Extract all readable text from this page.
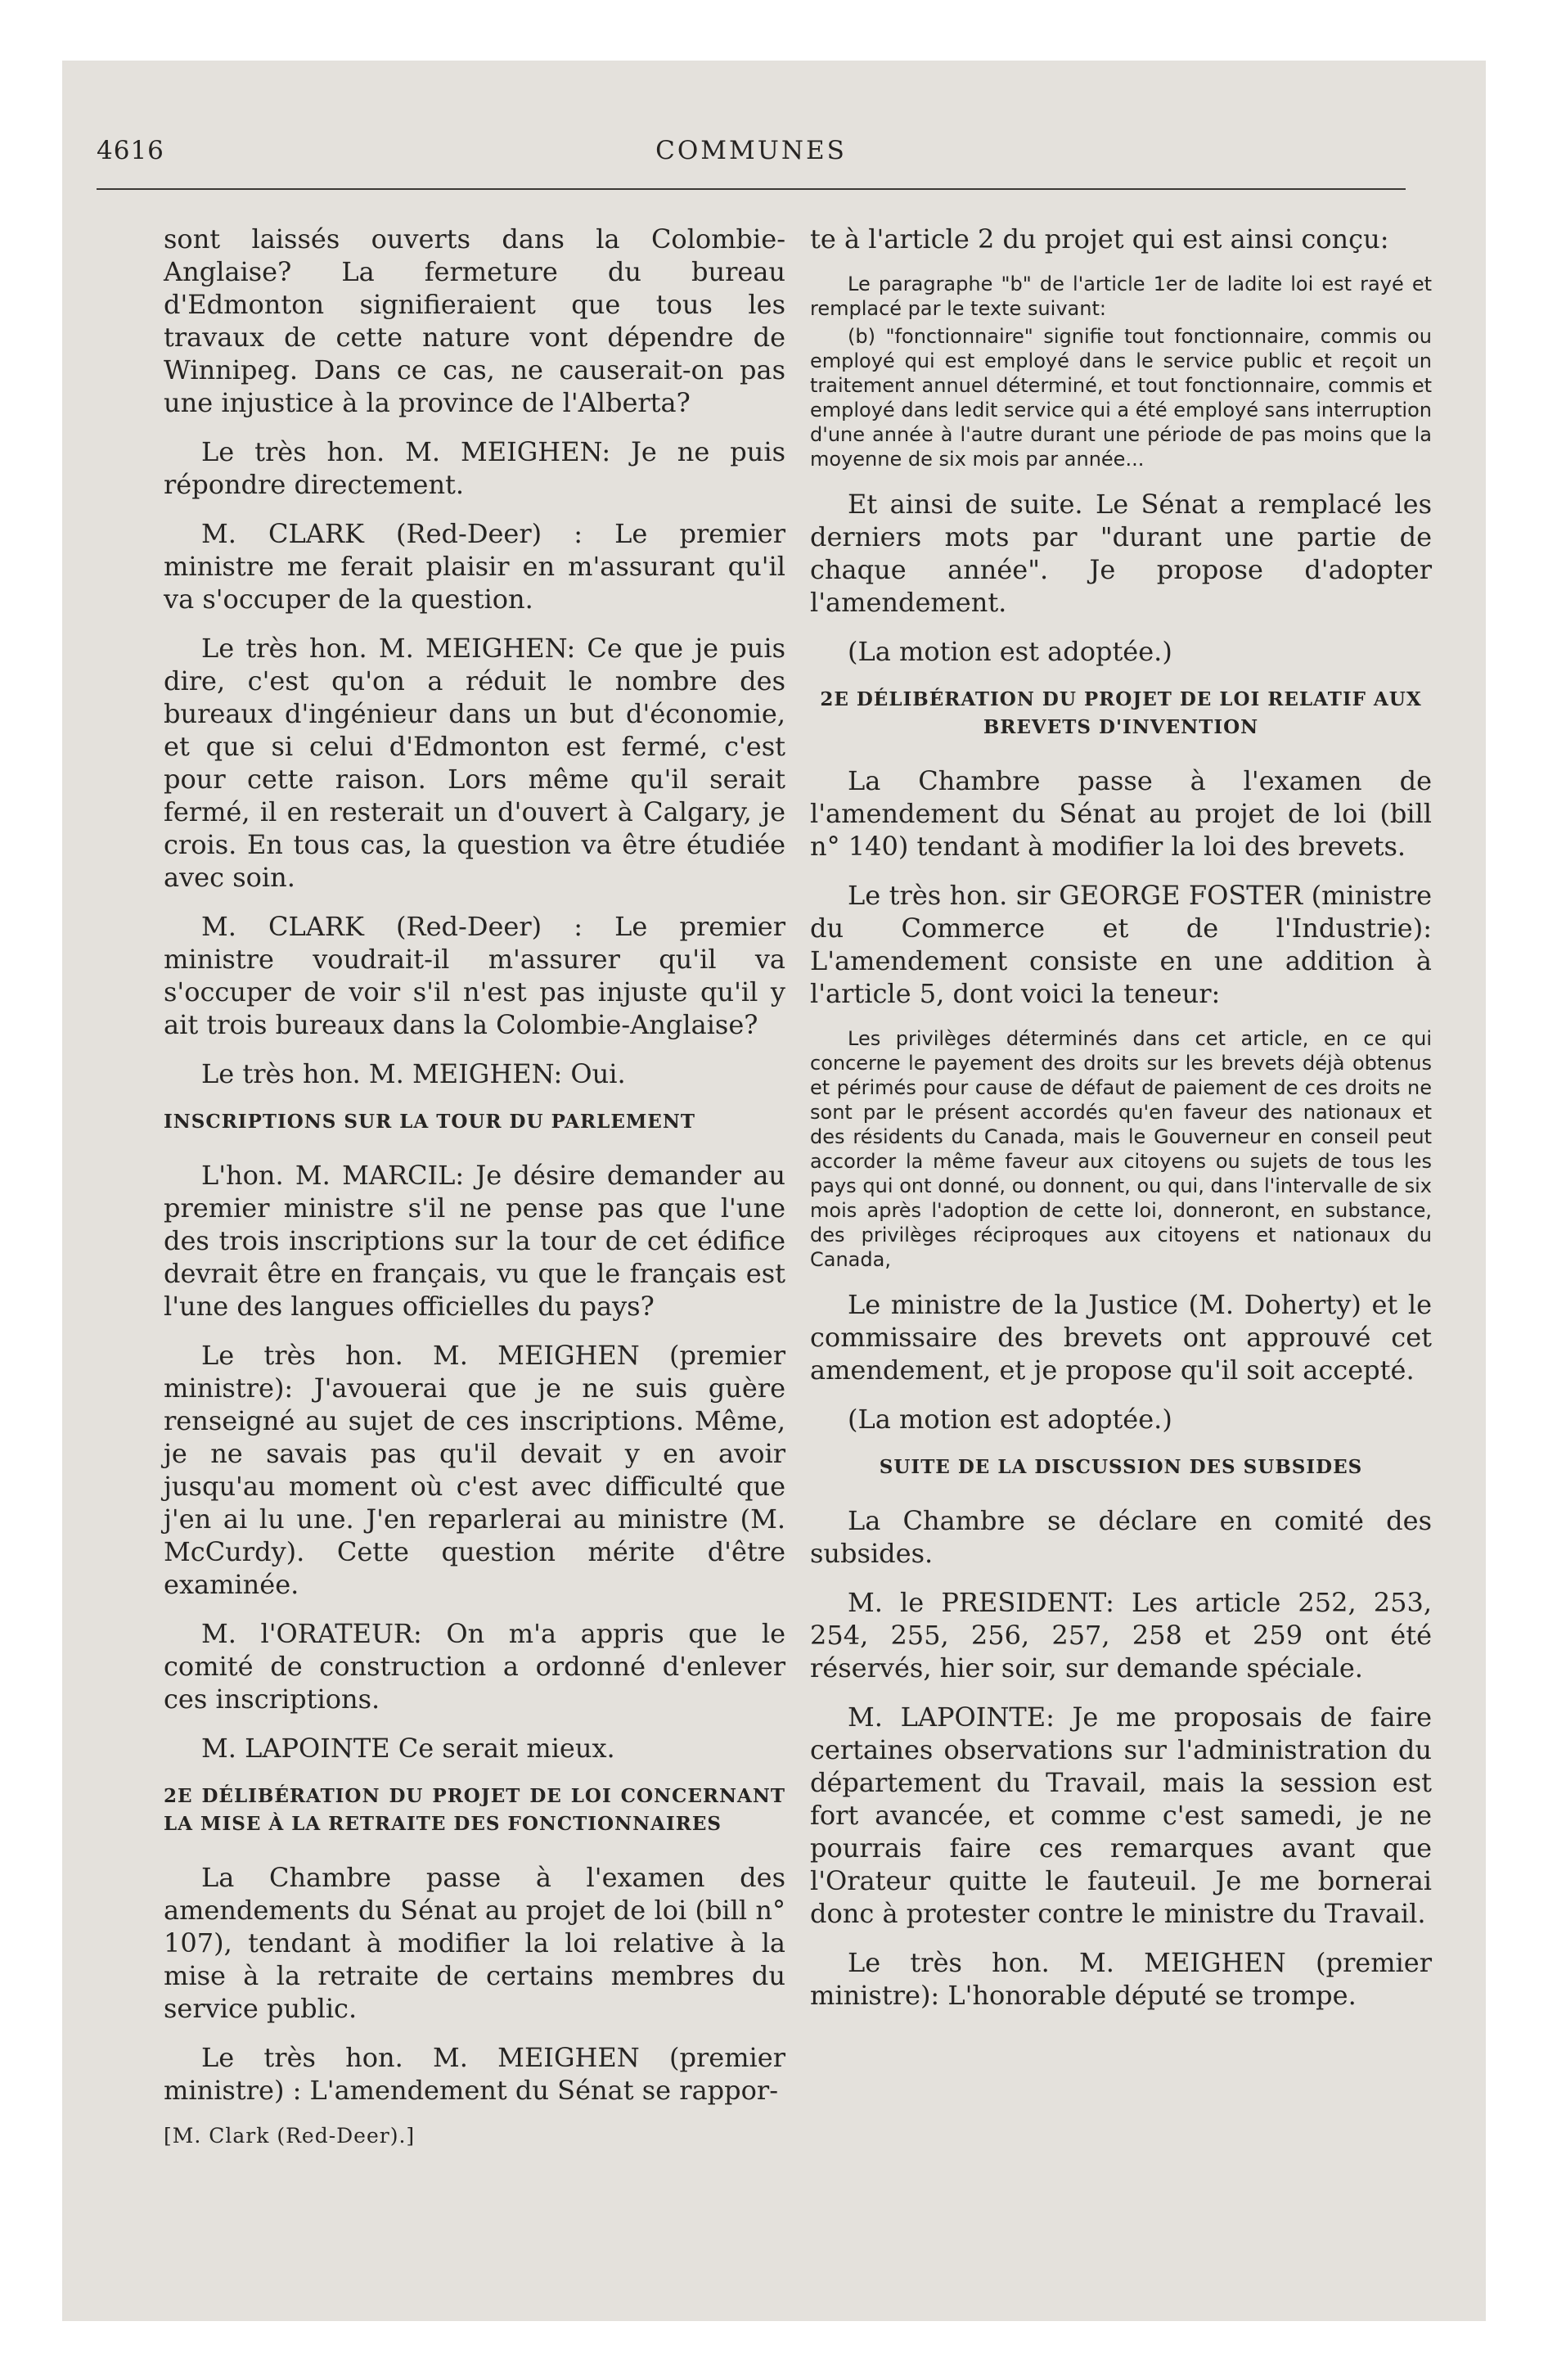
4616	COMMUNES

sont laissés ouverts dans la Colombie-Anglaise? La fermeture du bureau d'Edmonton signifieraient que tous les travaux de cette nature vont dépendre de Winnipeg. Dans ce cas, ne causerait-on pas une injustice à la province de l'Alberta?

Le très hon. M. MEIGHEN: Je ne puis répondre directement.

M. CLARK (Red-Deer) : Le premier ministre me ferait plaisir en m'assurant qu'il va s'occuper de la question.

Le très hon. M. MEIGHEN: Ce que je puis dire, c'est qu'on a réduit le nombre des bureaux d'ingénieur dans un but d'économie, et que si celui d'Edmonton est fermé, c'est pour cette raison. Lors même qu'il serait fermé, il en resterait un d'ouvert à Calgary, je crois. En tous cas, la question va être étudiée avec soin.

M. CLARK (Red-Deer) : Le premier ministre voudrait-il m'assurer qu'il va s'occuper de voir s'il n'est pas injuste qu'il y ait trois bureaux dans la Colombie-Anglaise?

Le très hon. M. MEIGHEN: Oui.

INSCRIPTIONS SUR LA TOUR DU PARLEMENT

L'hon. M. MARCIL: Je désire demander au premier ministre s'il ne pense pas que l'une des trois inscriptions sur la tour de cet édifice devrait être en français, vu que le français est l'une des langues officielles du pays?

Le très hon. M. MEIGHEN (premier ministre): J'avouerai que je ne suis guère renseigné au sujet de ces inscriptions. Même, je ne savais pas qu'il devait y en avoir jusqu'au moment où c'est avec difficulté que j'en ai lu une. J'en reparlerai au ministre (M. McCurdy). Cette question mérite d'être examinée.

M. l'ORATEUR: On m'a appris que le comité de construction a ordonné d'enlever ces inscriptions.

M. LAPOINTE Ce serait mieux.

2E DÉLIBÉRATION DU PROJET DE LOI CONCERNANT LA MISE À LA RETRAITE DES FONCTIONNAIRES

La Chambre passe à l'examen des amendements du Sénat au projet de loi (bill n° 107), tendant à modifier la loi relative à la mise à la retraite de certains membres du service public.

Le très hon. M. MEIGHEN (premier ministre) : L'amendement du Sénat se rappor-

[M. Clark (Red-Deer).]

te à l'article 2 du projet qui est ainsi conçu:

Le paragraphe "b" de l'article 1er de ladite loi est rayé et remplacé par le texte suivant:

(b) "fonctionnaire" signifie tout fonctionnaire, commis ou employé qui est employé dans le service public et reçoit un traitement annuel déterminé, et tout fonctionnaire, commis et employé dans ledit service qui a été employé sans interruption d'une année à l'autre durant une période de pas moins que la moyenne de six mois par année...

Et ainsi de suite. Le Sénat a remplacé les derniers mots par "durant une partie de chaque année". Je propose d'adopter l'amendement.

(La motion est adoptée.)

2E DÉLIBÉRATION DU PROJET DE LOI RELATIF AUX BREVETS D'INVENTION

La Chambre passe à l'examen de l'amendement du Sénat au projet de loi (bill n° 140) tendant à modifier la loi des brevets.

Le très hon. sir GEORGE FOSTER (ministre du Commerce et de l'Industrie): L'amendement consiste en une addition à l'article 5, dont voici la teneur:

Les privilèges déterminés dans cet article, en ce qui concerne le payement des droits sur les brevets déjà obtenus et périmés pour cause de défaut de paiement de ces droits ne sont par le présent accordés qu'en faveur des nationaux et des résidents du Canada, mais le Gouverneur en conseil peut accorder la même faveur aux citoyens ou sujets de tous les pays qui ont donné, ou donnent, ou qui, dans l'intervalle de six mois après l'adoption de cette loi, donneront, en substance, des privilèges réciproques aux citoyens et nationaux du Canada,

Le ministre de la Justice (M. Doherty) et le commissaire des brevets ont approuvé cet amendement, et je propose qu'il soit accepté.

(La motion est adoptée.)

SUITE DE LA DISCUSSION DES SUBSIDES

La Chambre se déclare en comité des subsides.

M. le PRESIDENT: Les article 252, 253, 254, 255, 256, 257, 258 et 259 ont été réservés, hier soir, sur demande spéciale.

M. LAPOINTE: Je me proposais de faire certaines observations sur l'administration du département du Travail, mais la session est fort avancée, et comme c'est samedi, je ne pourrais faire ces remarques avant que l'Orateur quitte le fauteuil. Je me bornerai donc à protester contre le ministre du Travail.

Le très hon. M. MEIGHEN (premier ministre): L'honorable député se trompe.
